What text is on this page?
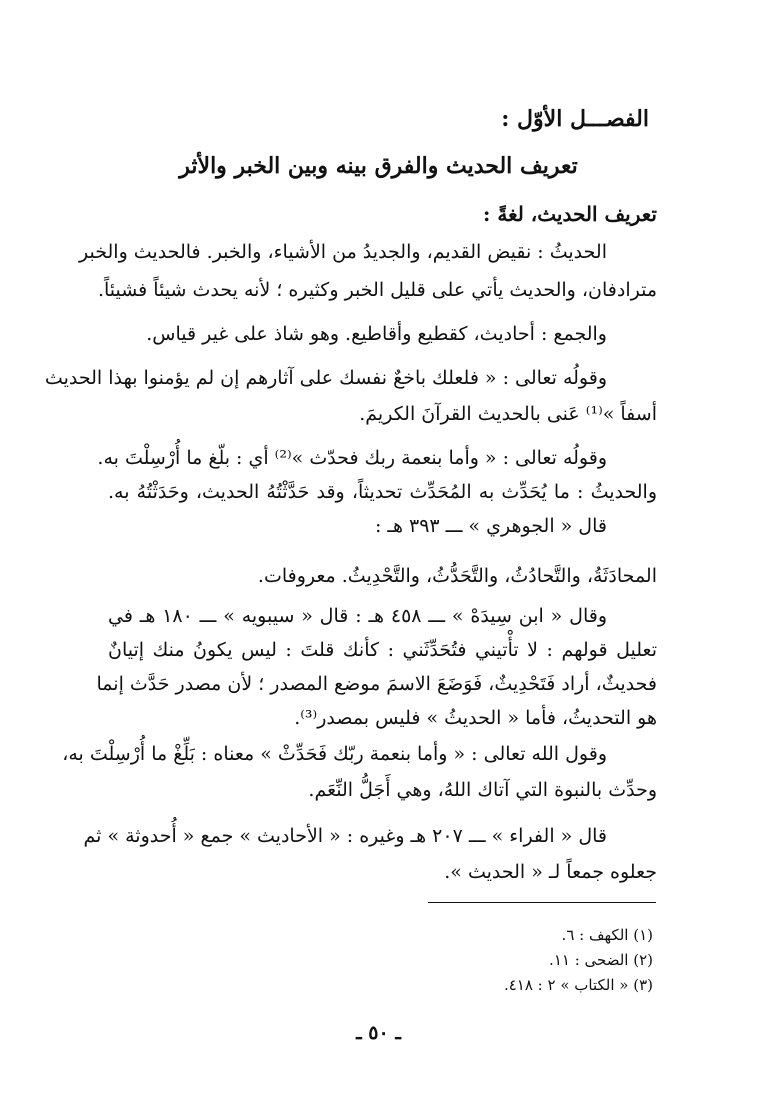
الفصـــل الأوّل :
تعريف الحديث والفرق بينه وبين الخبر والأثر
تعريف الحديث، لغةً :
الحديثُ : نقيض القديم، والجديدُ من الأشياء، والخبر. فالحديث والخبر
مترادفان، والحديث يأتي على قليل الخبر وكثيره ؛ لأنه يحدث شيئاً فشيئاً.
والجمع : أحاديث، كقطيع وأقاطيع. وهو شاذ على غير قياس.
وقولُه تعالى : « فلعلك باخعٌ نفسك على آثارهم إن لم يؤمنوا بهذا الحديث
أسفاً »⁽¹⁾ عَنى بالحديث القرآنَ الكريمَ.
وقولُه تعالى : « وأما بنعمة ربك فحدّث »⁽²⁾ أي : بلّغ ما أُرْسِلْتَ به.
والحديثُ : ما يُحَدِّث به المُحَدِّث تحديثاً، وقد حَدَّثْتُهُ الحديث، وحَدَثْتُهُ به.
قال « الجوهري » ـــ ٣٩٣ هـ :
المحادَثَةُ، والتَّحادُثُ، والتَّحَدُّثُ، والتَّحْدِيثُ. معروفات.
وقال « ابن سِيدَهْ » ـــ ٤٥٨ هـ : قال « سيبويه » ـــ ١٨٠ هـ في
تعليل قولهم : لا تأْتيني فتُحَدِّثَني : كأنك قلتَ : ليس يكونُ منك إتيانٌ
فحديثٌ، أراد فَتَحْدِيثٌ، فَوَضَعَ الاسمَ موضع المصدر ؛ لأن مصدر حَدَّث إنما
هو التحديثُ، فأما « الحديثُ » فليس بمصدر⁽³⁾.
وقول الله تعالى : « وأما بنعمة ربّك فَحَدِّثْ » معناه : بَلِّغْ ما أُرْسِلْتَ به،
وحدِّث بالنبوة التي آتاك اللهُ، وهي أَجَلُّ النِّعَم.
قال « الفراء » ـــ ٢٠٧ هـ وغيره : « الأحاديث » جمع « أُحدوثة » ثم
جعلوه جمعاً لـ « الحديث ».
(١) الكهف : ٦.
(٢) الضحى : ١١.
(٣) « الكتاب » ٢ : ٤١٨.
ـ ٥٠ ـ
